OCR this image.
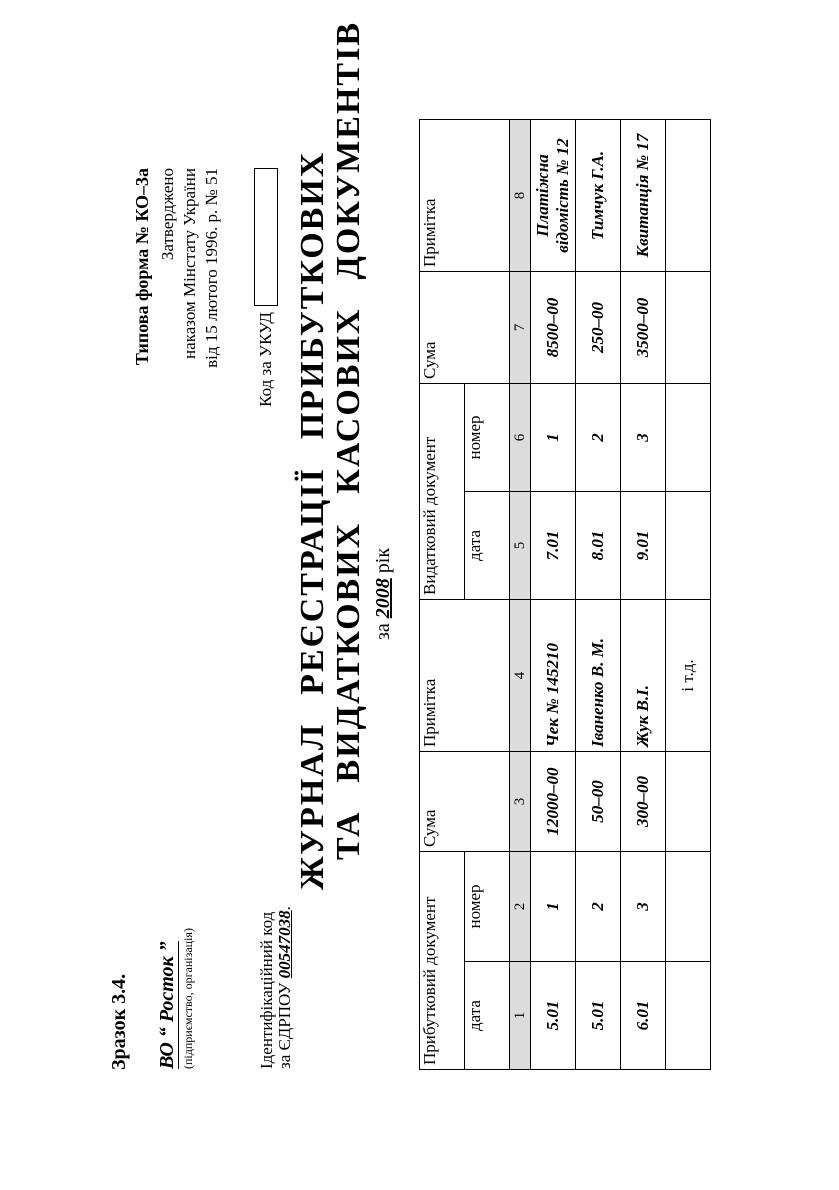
Зразок 3.4. ВО “ Росток ” (підприємство, організація)	Ідентифікаційний код за ЄДРПОУ 00547038.
ЖУРНАЛРЕЄСТРАЦІЇПРИБУТКОВИХ
ТАВИДАТКОВИХКАСОВИХДОКУМЕНТІВ
за 2008 рік
Типова форма № КО–3а Затверджено наказом Мінстату України від 15 лютого 1996. р. № 51 Код за УКУД
Прибутковий документ		Сума	Примітка	Видатковий документ		Сума	Примітка
дата	номер			дата	номер		
1	2	3	4	5	6	7	8
5.01	1	12000–00	Чек № 145210	7.01	1	8500–00	Платіжна відомість № 12
5.01	2	50–00	Іваненко В. М.	8.01	2	250–00	Тимчук Г.А.
6.01	3	300–00	Жук В.І.	9.01	3	3500–00	Квитанція № 17
			і т.д.				
